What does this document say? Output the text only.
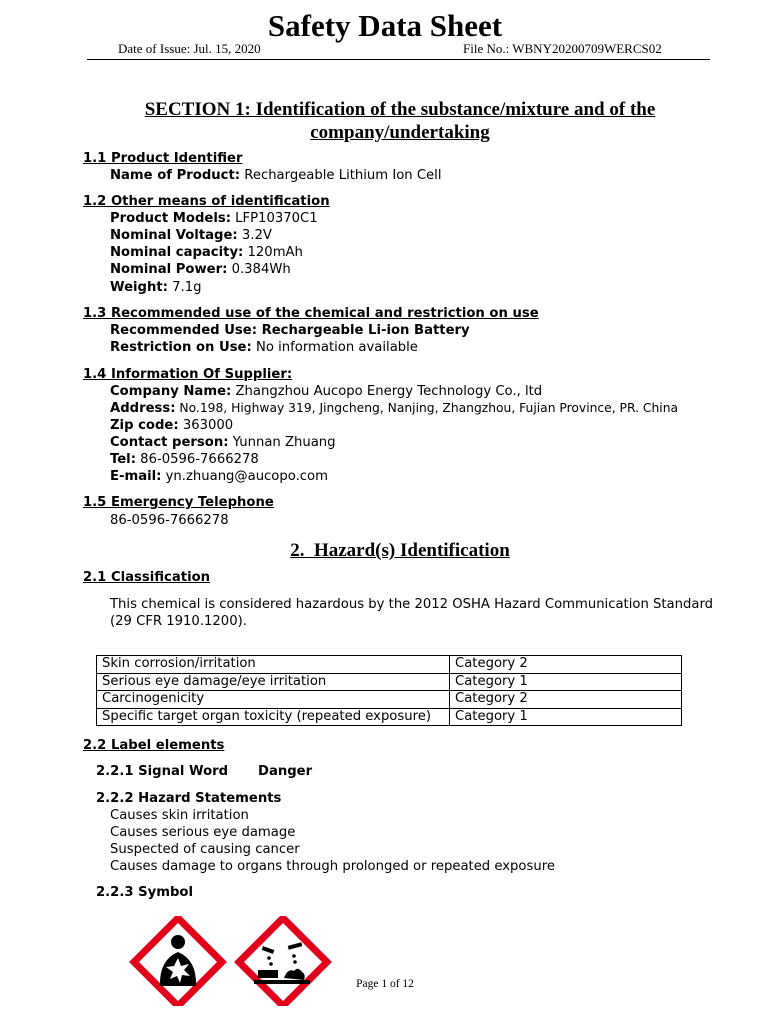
Safety Data Sheet
Date of Issue: Jul. 15, 2020	File No.: WBNY20200709WERCS02
SECTION 1: Identification of the substance/mixture and of the
company/undertaking
1.1 Product Identifier
Name of Product: Rechargeable Lithium Ion Cell
1.2 Other means of identification
Product Models: LFP10370C1
Nominal Voltage: 3.2V
Nominal capacity: 120mAh
Nominal Power: 0.384Wh
Weight: 7.1g
1.3 Recommended use of the chemical and restriction on use
Recommended Use: Rechargeable Li-ion Battery
Restriction on Use: No information available
1.4 Information Of Supplier:
Company Name: Zhangzhou Aucopo Energy Technology Co., ltd
Address: No.198, Highway 319, Jingcheng, Nanjing, Zhangzhou, Fujian Province, PR. China
Zip code: 363000
Contact person: Yunnan Zhuang
Tel: 86-0596-7666278
E-mail: yn.zhuang@aucopo.com
1.5 Emergency Telephone
86-0596-7666278
2.  Hazard(s) Identification
2.1 Classification
This chemical is considered hazardous by the 2012 OSHA Hazard Communication Standard
(29 CFR 1910.1200).
Skin corrosion/irritation	Category 2
Serious eye damage/eye irritation	Category 1
Carcinogenicity	Category 2
Specific target organ toxicity (repeated exposure)	Category 1
2.2 Label elements
2.2.1 Signal Word Danger
2.2.2 Hazard Statements
Causes skin irritation
Causes serious eye damage
Suspected of causing cancer
Causes damage to organs through prolonged or repeated exposure
2.2.3 Symbol
Page 1 of 12
